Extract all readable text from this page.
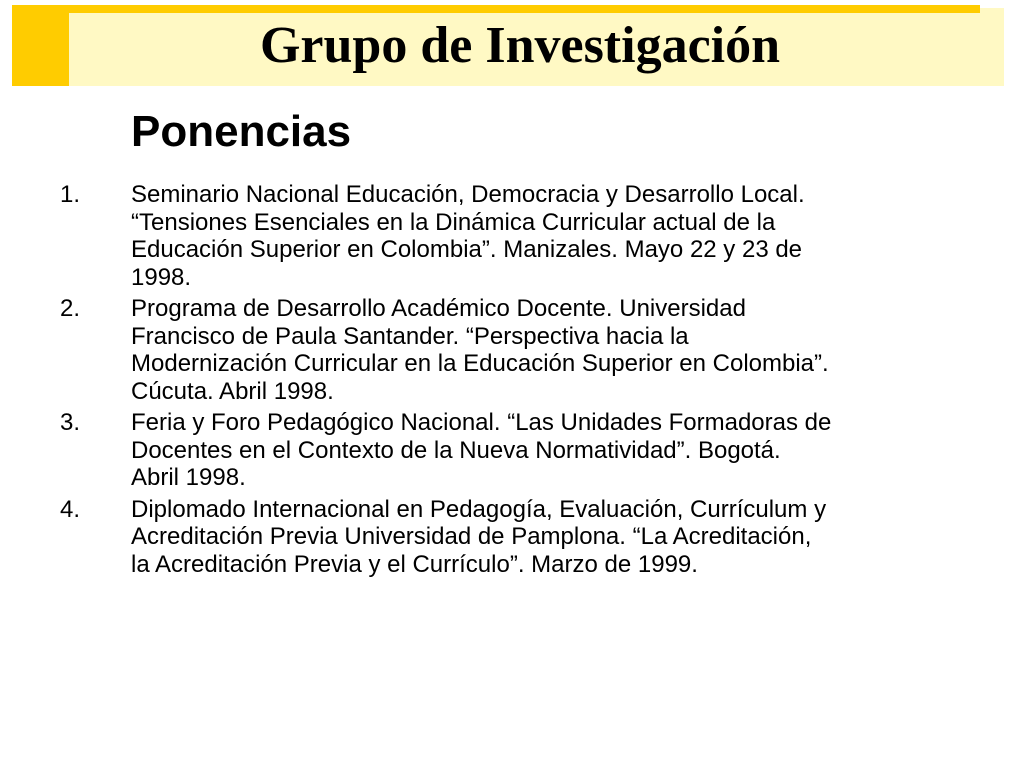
Grupo de Investigación
Ponencias
1.	Seminario Nacional Educación, Democracia y Desarrollo Local.
“Tensiones Esenciales en la Dinámica Curricular actual de la
Educación Superior en Colombia”. Manizales. Mayo 22 y 23 de
1998.
2.	Programa de Desarrollo Académico Docente. Universidad
Francisco de Paula Santander. “Perspectiva hacia la
Modernización Curricular en la Educación Superior en Colombia”.
Cúcuta. Abril 1998.
3.	Feria y Foro Pedagógico Nacional. “Las Unidades Formadoras de
Docentes en el Contexto de la Nueva Normatividad”. Bogotá.
Abril 1998.
4.	Diplomado Internacional en Pedagogía, Evaluación, Currículum y
Acreditación Previa Universidad de Pamplona. “La Acreditación,
la Acreditación Previa y el Currículo”. Marzo de 1999.
